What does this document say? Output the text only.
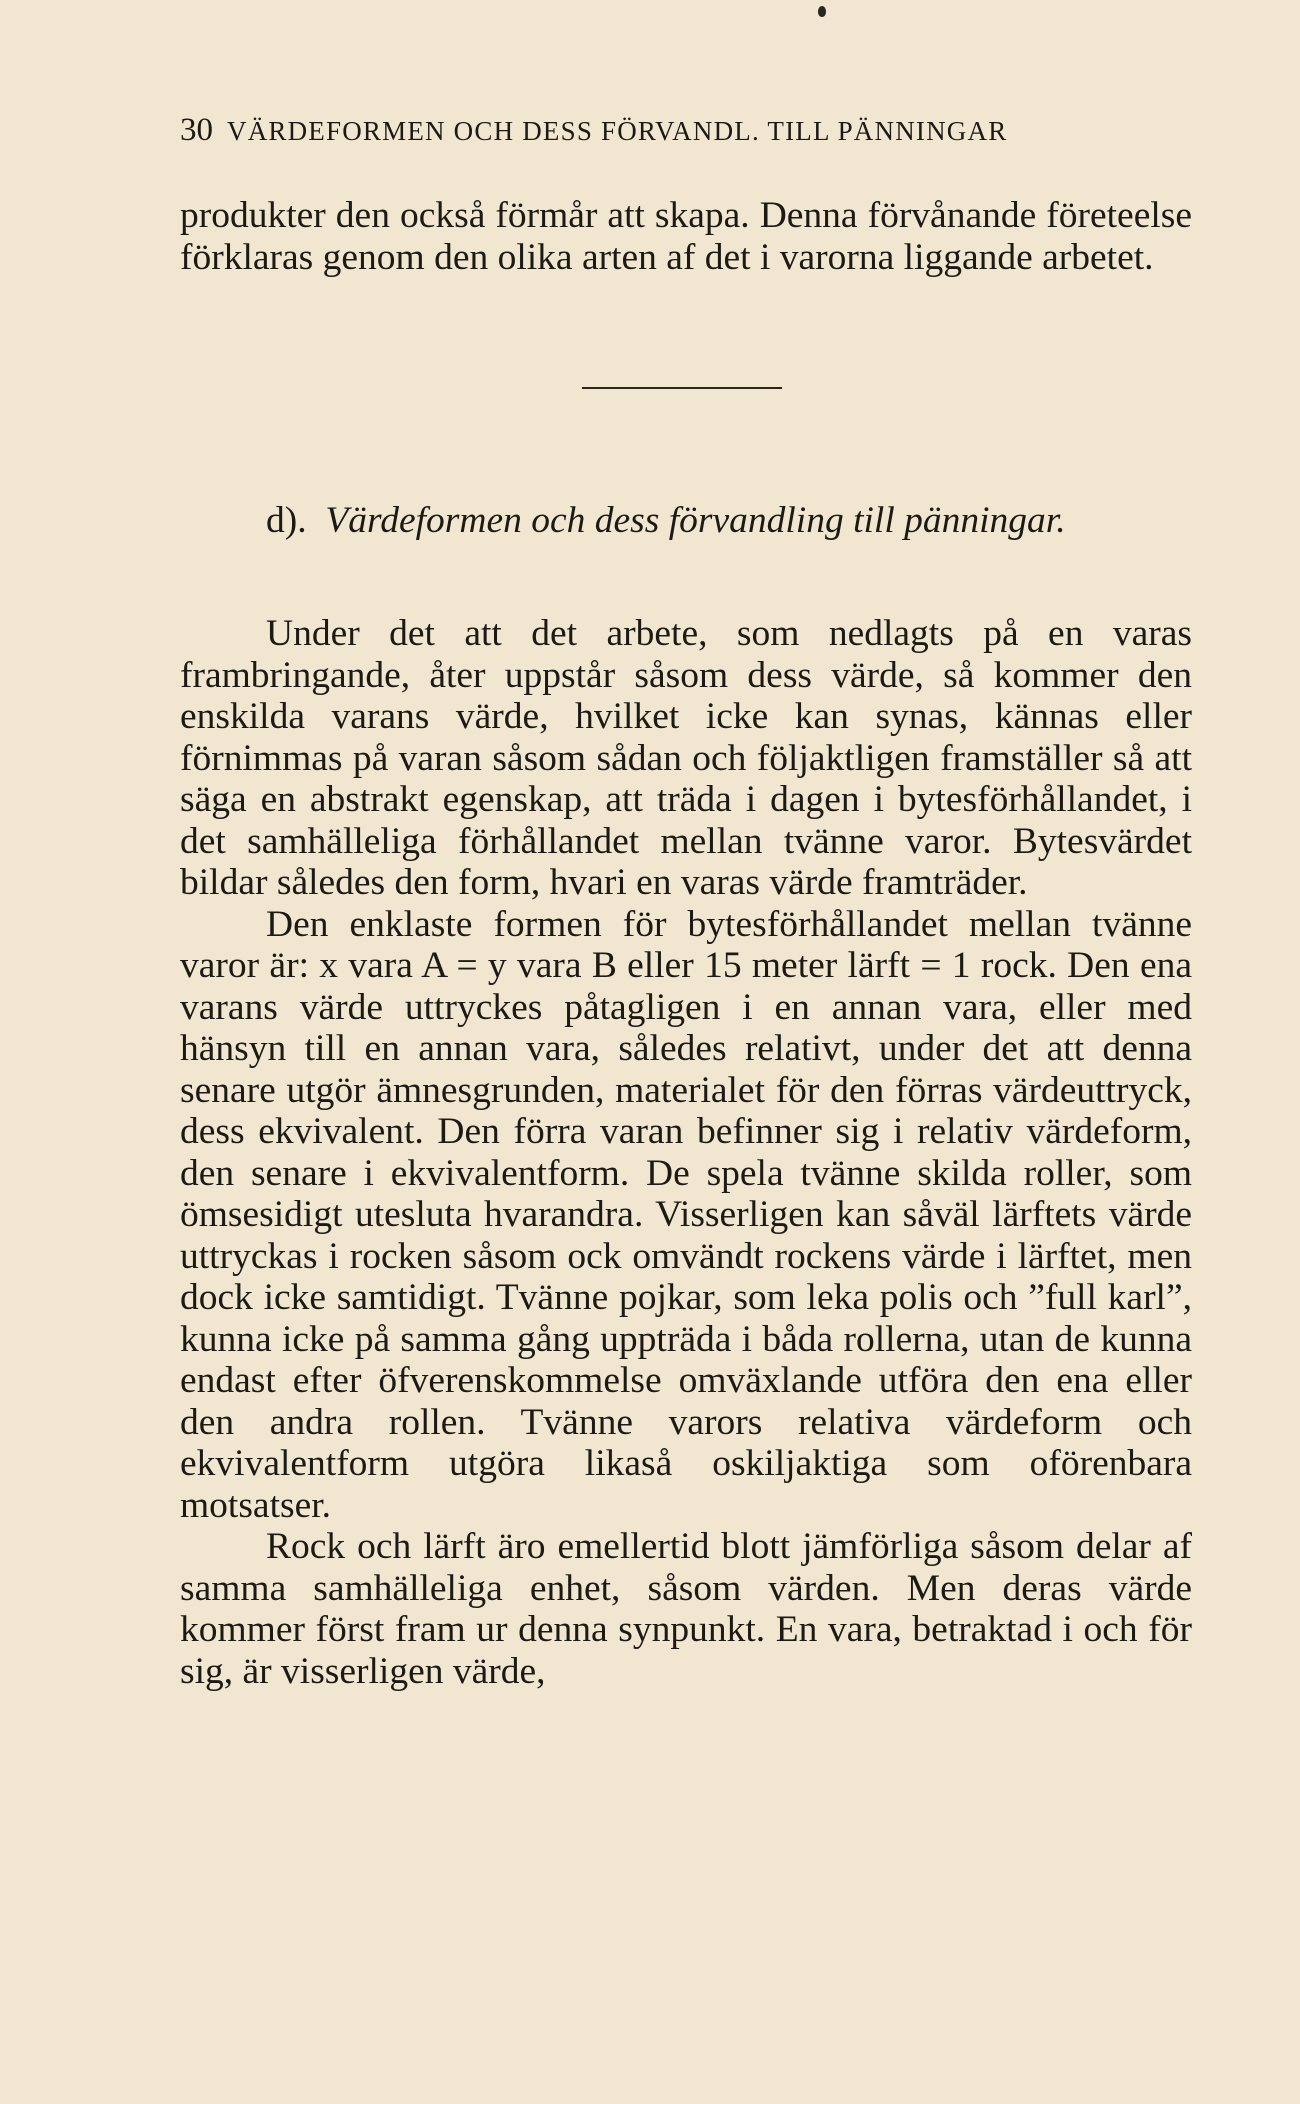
30 VÄRDEFORMEN OCH DESS FÖRVANDL. TILL PÄNNINGAR

produkter den också förmår att skapa. Denna förvånande företeelse förklaras genom den olika arten af det i varorna liggande arbetet.

d). Värdeformen och dess förvandling till pänningar.

Under det att det arbete, som nedlagts på en varas frambringande, åter uppstår såsom dess värde, så kommer den enskilda varans värde, hvilket icke kan synas, kännas eller förnimmas på varan såsom sådan och följaktligen framställer så att säga en abstrakt egenskap, att träda i dagen i bytesförhållandet, i det samhälleliga förhållandet mellan tvänne varor. Bytesvärdet bildar således den form, hvari en varas värde framträder.

Den enklaste formen för bytesförhållandet mellan tvänne varor är: x vara A = y vara B eller 15 meter lärft = 1 rock. Den ena varans värde uttryckes påtagligen i en annan vara, eller med hänsyn till en annan vara, således relativt, under det att denna senare utgör ämnesgrunden, materialet för den förras värdeuttryck, dess ekvivalent. Den förra varan befinner sig i relativ värdeform, den senare i ekvivalentform. De spela tvänne skilda roller, som ömsesidigt utesluta hvarandra. Visserligen kan såväl lärftets värde uttryckas i rocken såsom ock omvändt rockens värde i lärftet, men dock icke samtidigt. Tvänne pojkar, som leka polis och ”full karl”, kunna icke på samma gång uppträda i båda rollerna, utan de kunna endast efter öfverenskommelse omväxlande utföra den ena eller den andra rollen. Tvänne varors relativa värdeform och ekvivalentform utgöra likaså oskiljaktiga som oförenbara motsatser.

Rock och lärft äro emellertid blott jämförliga såsom delar af samma samhälleliga enhet, såsom värden. Men deras värde kommer först fram ur denna synpunkt. En vara, betraktad i och för sig, är visserligen värde,
